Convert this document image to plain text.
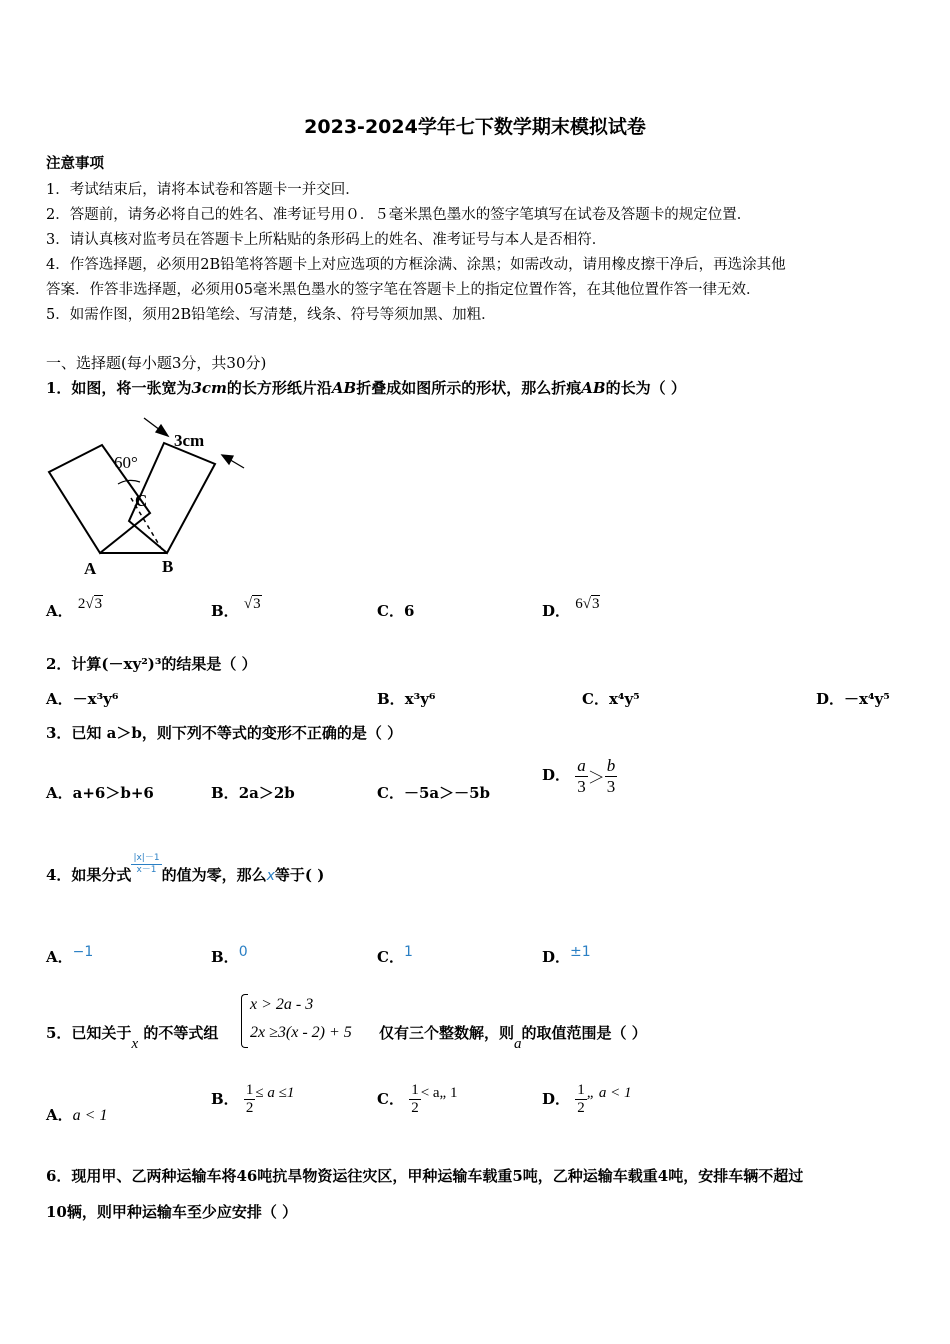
2023-2024学年七下数学期末模拟试卷
注意事项
1．考试结束后，请将本试卷和答题卡一并交回．
2．答题前，请务必将自己的姓名、准考证号用０．５毫米黑色墨水的签字笔填写在试卷及答题卡的规定位置．
3．请认真核对监考员在答题卡上所粘贴的条形码上的姓名、准考证号与本人是否相符．
4．作答选择题，必须用2B铅笔将答题卡上对应选项的方框涂满、涂黑；如需改动，请用橡皮擦干净后，再选涂其他
答案．作答非选择题，必须用05毫米黑色墨水的签字笔在答题卡上的指定位置作答，在其他位置作答一律无效．
5．如需作图，须用2B铅笔绘、写清楚，线条、符号等须加黑、加粗．
一、选择题(每小题3分，共30分)
1．如图，将一张宽为3cm的长方形纸片沿AB折叠成如图所示的形状，那么折痕AB的长为（ ）
3cm
60°
C
A	B
A． 2√3	B． √3	C．6	D． 6√3
2．计算(－xy²)³的结果是（ ）
A．－x³y⁶	B．x³y⁶	C．x⁴y⁵	D．－x⁴y⁵
3．已知 a＞b，则下列不等式的变形不正确的是（ ）
A．a+6＞b+6	B．2a＞2b	C．－5a＞－5b
D． $\frac{a}{3} > \frac{b}{3}$
4．如果分式
$\frac{|x|-1}{x-1}$
的值为零，那么x等于( )
A．−1	B．0	C．1	D．±1
5．已知关于x 的不等式组
x > 2a - 3
2x ≥3(x - 2) + 5 仅有三个整数解，则a的取值范围是（ ）
A．a < 1
B． $\frac{1}{2} \le a \le 1$	C． $\frac{1}{2}$ < a„ 1	D． $\frac{1}{2}$ „ a < 1
6．现用甲、乙两种运输车将46吨抗旱物资运往灾区，甲种运输车载重5吨，乙种运输车载重4吨，安排车辆不超过
10辆，则甲种运输车至少应安排（ ）
